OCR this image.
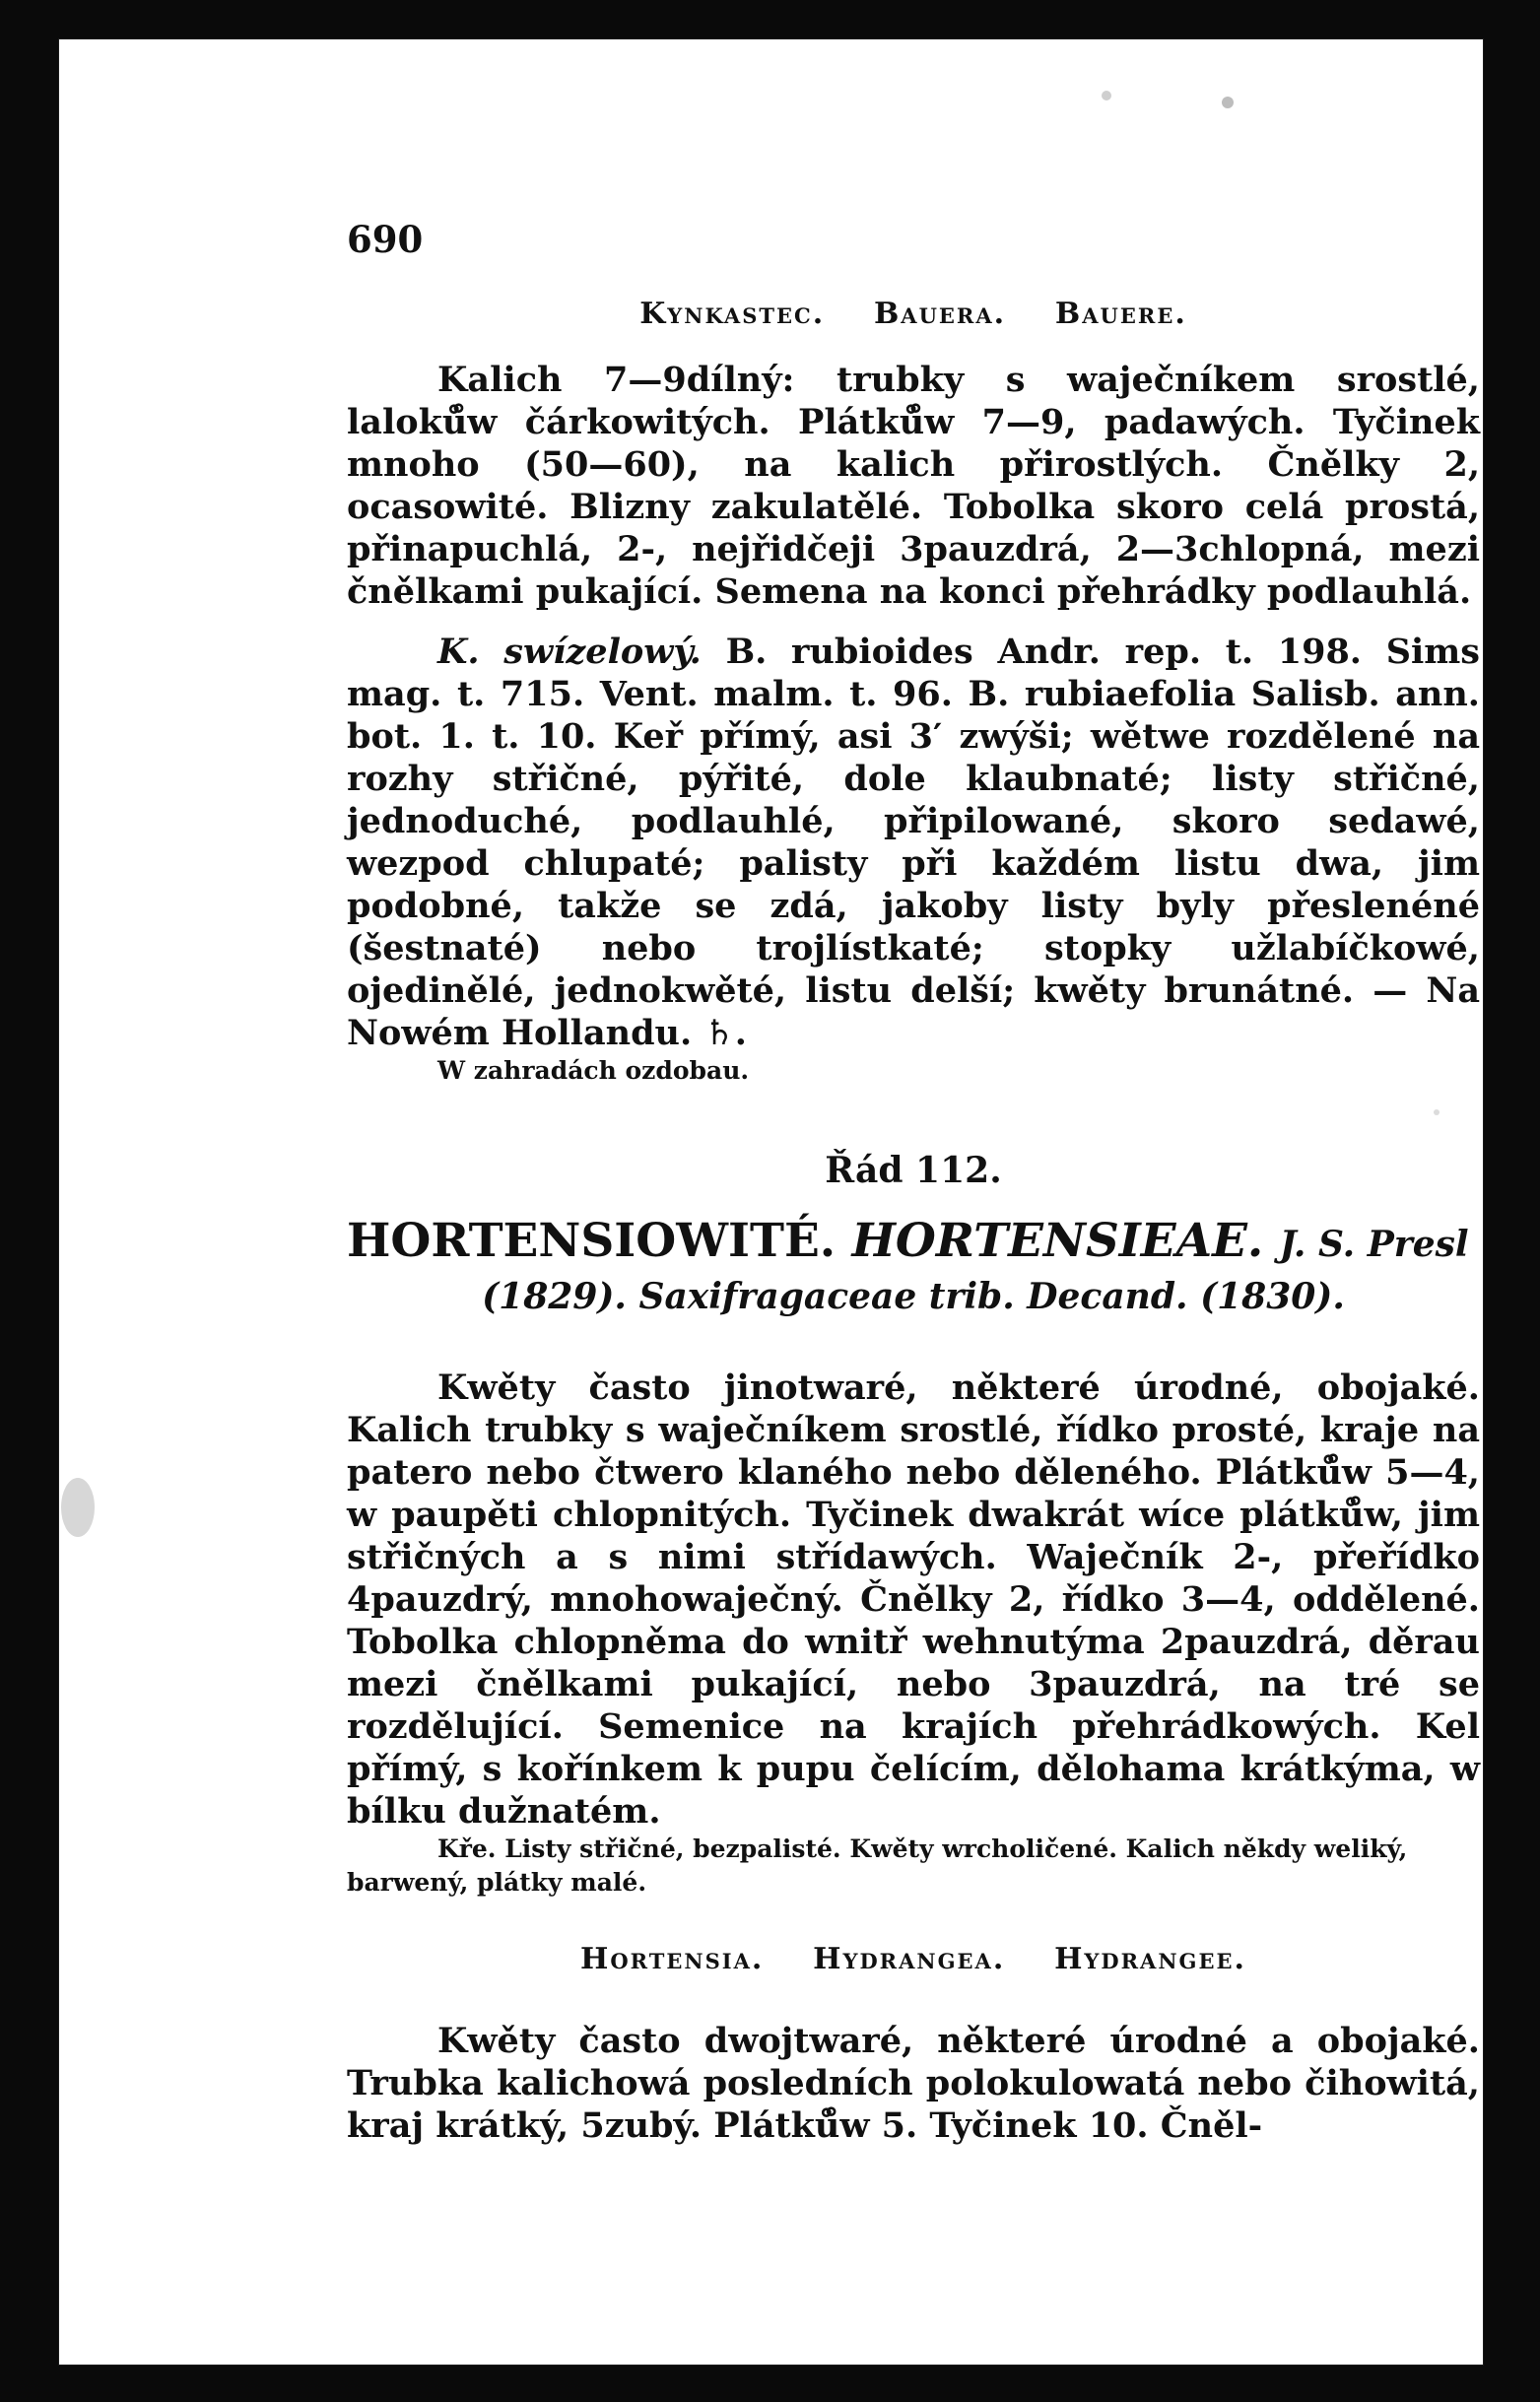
690
Kynkastec. Bauera. Bauere.

Kalich 7—9dílný: trubky s waječníkem srostlé, laloků̊w čárkowitých. Plátků̊w 7—9, padawých. Tyčinek mnoho (50—60), na kalich přirostlých. Čnělky 2, ocasowité. Blizny zakulatělé. Tobolka skoro celá prostá, přinapuchlá, 2-, nejřidčeji 3pauzdrá, 2—3chlopná, mezi čnělkami pukající. Semena na konci přehrádky podlauhlá.

K. swízelowý. B. rubioides Andr. rep. t. 198. Sims mag. t. 715. Vent. malm. t. 96. B. rubiaefolia Salisb. ann. bot. 1. t. 10. Keř přímý, asi 3′ zwýši; wětwe rozdělené na rozhy střičné, pýřité, dole klaubnaté; listy střičné, jednoduché, podlauhlé, připilowané, skoro sedawé, wezpod chlupaté; palisty při každém listu dwa, jim podobné, takže se zdá, jakoby listy byly přeslenéné (šestnaté) nebo trojlístkaté; stopky užlabíčkowé, ojedinělé, jednokwěté, listu delší; kwěty brunátné. — Na Nowém Hollandu. ♄.

W zahradách ozdobau.

Řád 112.

HORTENSIOWITÉ. HORTENSIEAE. J. S. Presl

(1829). Saxifragaceae trib. Decand. (1830).

Kwěty často jinotwaré, některé úrodné, obojaké. Kalich trubky s waječníkem srostlé, řídko prosté, kraje na patero nebo čtwero klaného nebo děleného. Plátků̊w 5—4, w paupěti chlopnitých. Tyčinek dwakrát wíce plátků̊w, jim střičných a s nimi střídawých. Waječník 2-, přeřídko 4pauzdrý, mnohowaječný. Čnělky 2, řídko 3—4, oddělené. Tobolka chlopněma do wnitř wehnutýma 2pauzdrá, děrau mezi čnělkami pukající, nebo 3pauzdrá, na tré se rozdělující. Semenice na krajích přehrádkowých. Kel přímý, s kořínkem k pupu čelícím, dělohama krátkýma, w bílku dužnatém.

Kře. Listy střičné, bezpalisté. Kwěty wrcholičené. Kalich někdy weliký, barwený, plátky malé.

Hortensia. Hydrangea. Hydrangee.

Kwěty často dwojtwaré, některé úrodné a obojaké. Trubka kalichowá posledních polokulowatá nebo čihowitá, kraj krátký, 5zubý. Plátků̊w 5. Tyčinek 10. Čněl-
